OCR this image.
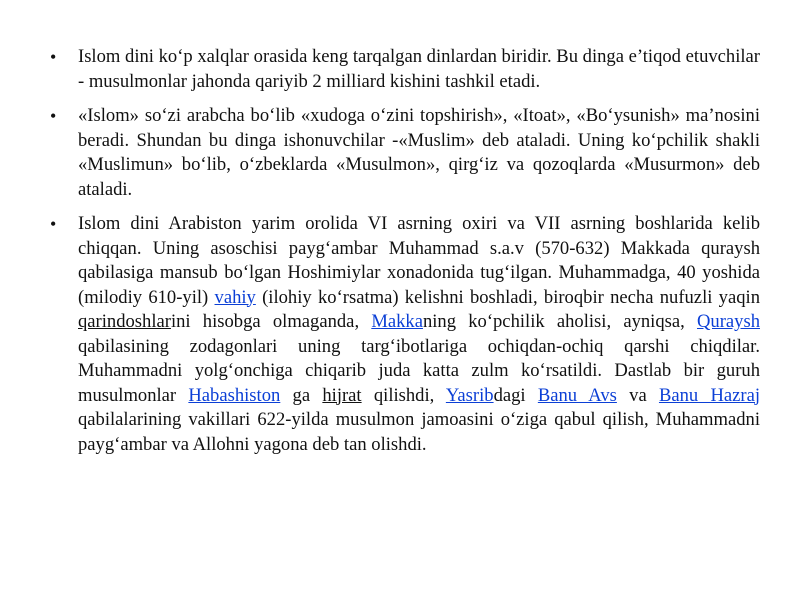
• Islom dini ko‘p xalqlar orasida keng tarqalgan dinlardan biridir. Bu dinga e’tiqod etuvchilar - musulmonlar jahonda qariyib 2 milliard kishini tashkil etadi.
• «Islom» so‘zi arabcha bo‘lib «xudoga o‘zini topshirish», «Itoat», «Bo‘ysunish» ma’nosini beradi. Shundan bu dinga ishonuvchilar -«Muslim» deb ataladi. Uning ko‘pchilik shakli «Muslimun» bo‘lib, o‘zbeklarda «Musulmon», qirg‘iz va qozoqlarda «Musurmon» deb ataladi.
• Islom dini Arabiston yarim orolida VI asrning oxiri va VII asrning boshlarida kelib chiqqan. Uning asoschisi payg‘ambar Muhammad s.a.v (570-632) Makkada quraysh qabilasiga mansub bo‘lgan Hoshimiylar xonadonida tug‘ilgan. Muhammadga, 40 yoshida (milodiy 610-yil) vahiy (ilohiy ko‘rsatma) kelishni boshladi, biroqbir necha nufuzli yaqin qarindoshlarini hisobga olmaganda, Makkaning ko‘pchilik aholisi, ayniqsa, Quraysh qabilasining zodagonlari uning targ‘ibotlariga ochiqdan-ochiq qarshi chiqdilar. Muhammadni yolg‘onchiga chiqarib juda katta zulm ko‘rsatildi. Dastlab bir guruh musulmonlar Habashiston ga hijrat qilishdi, Yasribdagi Banu Avs va Banu Hazraj qabilalarining vakillari 622-yilda musulmon jamoasini o‘ziga qabul qilish, Muhammadni payg‘ambar va Allohni yagona deb tan olishdi.
